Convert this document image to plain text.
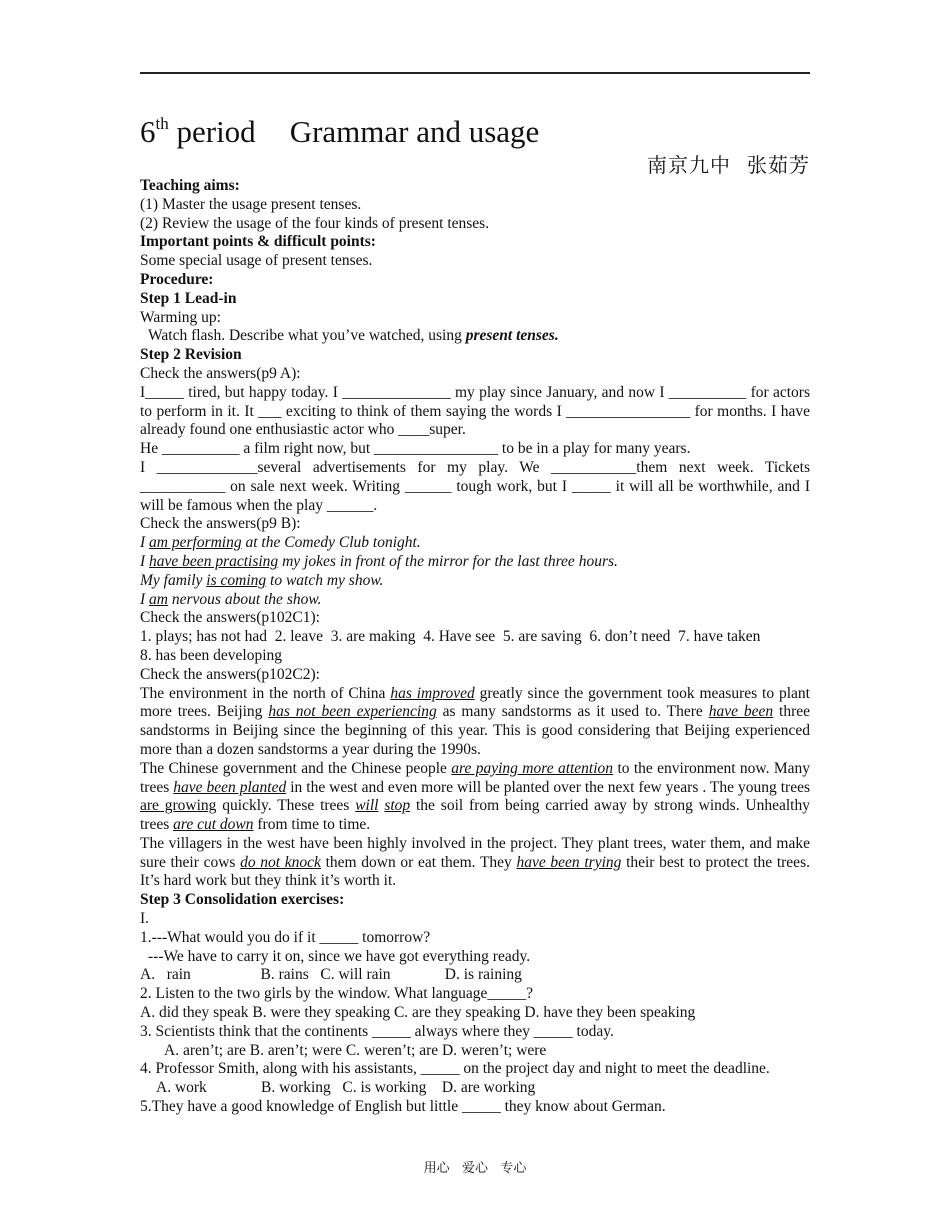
6th period Grammar and usage
南京九中 张茹芳

Teaching aims:

(1) Master the usage present tenses.

(2) Review the usage of the four kinds of present tenses.

Important points & difficult points:

Some special usage of present tenses.

Procedure:

Step 1 Lead-in

Warming up:

Watch flash. Describe what you’ve watched, using present tenses.

Step 2 Revision

Check the answers(p9 A):

I_____ tired, but happy today. I ______________ my play since January, and now I __________ for actors to perform in it. It ___ exciting to think of them saying the words I ________________ for months. I have already found one enthusiastic actor who ____super.

He __________ a film right now, but ________________ to be in a play for many years.

I _____________several advertisements for my play. We ___________them next week. Tickets ___________ on sale next week. Writing ______ tough work, but I _____ it will all be worthwhile, and I will be famous when the play ______.

Check the answers(p9 B):

I am performing at the Comedy Club tonight.

I have been practising my jokes in front of the mirror for the last three hours.

My family is coming to watch my show.

I am nervous about the show.

Check the answers(p102C1):

1. plays; has not had  2. leave  3. are making  4. Have see  5. are saving  6. don’t need  7. have taken

8. has been developing

Check the answers(p102C2):

The environment in the north of China has improved greatly since the government took measures to plant more trees. Beijing has not been experiencing as many sandstorms as it used to. There have been three sandstorms in Beijing since the beginning of this year. This is good considering that Beijing experienced more than a dozen sandstorms a year during the 1990s.

The Chinese government and the Chinese people are paying more attention to the environment now. Many trees have been planted in the west and even more will be planted over the next few years . The young trees are growing quickly. These trees will stop the soil from being carried away by strong winds. Unhealthy trees are cut down from time to time.

The villagers in the west have been highly involved in the project. They plant trees, water them, and make sure their cows do not knock them down or eat them. They have been trying their best to protect the trees. It’s hard work but they think it’s worth it.

Step 3 Consolidation exercises:

I.

1.---What would you do if it _____ tomorrow?

---We have to carry it on, since we have got everything ready.

A.   rain                  B. rains   C. will rain              D. is raining

2. Listen to the two girls by the window. What language_____?

A. did they speak B. were they speaking C. are they speaking D. have they been speaking

3. Scientists think that the continents _____ always where they _____ today.

A. aren’t; are B. aren’t; were C. weren’t; are D. weren’t; were

4. Professor Smith, along with his assistants, _____ on the project day and night to meet the deadline.

A. work              B. working   C. is working    D. are working

5.They have a good knowledge of English but little _____ they know about German.

用心   爱心   专心
